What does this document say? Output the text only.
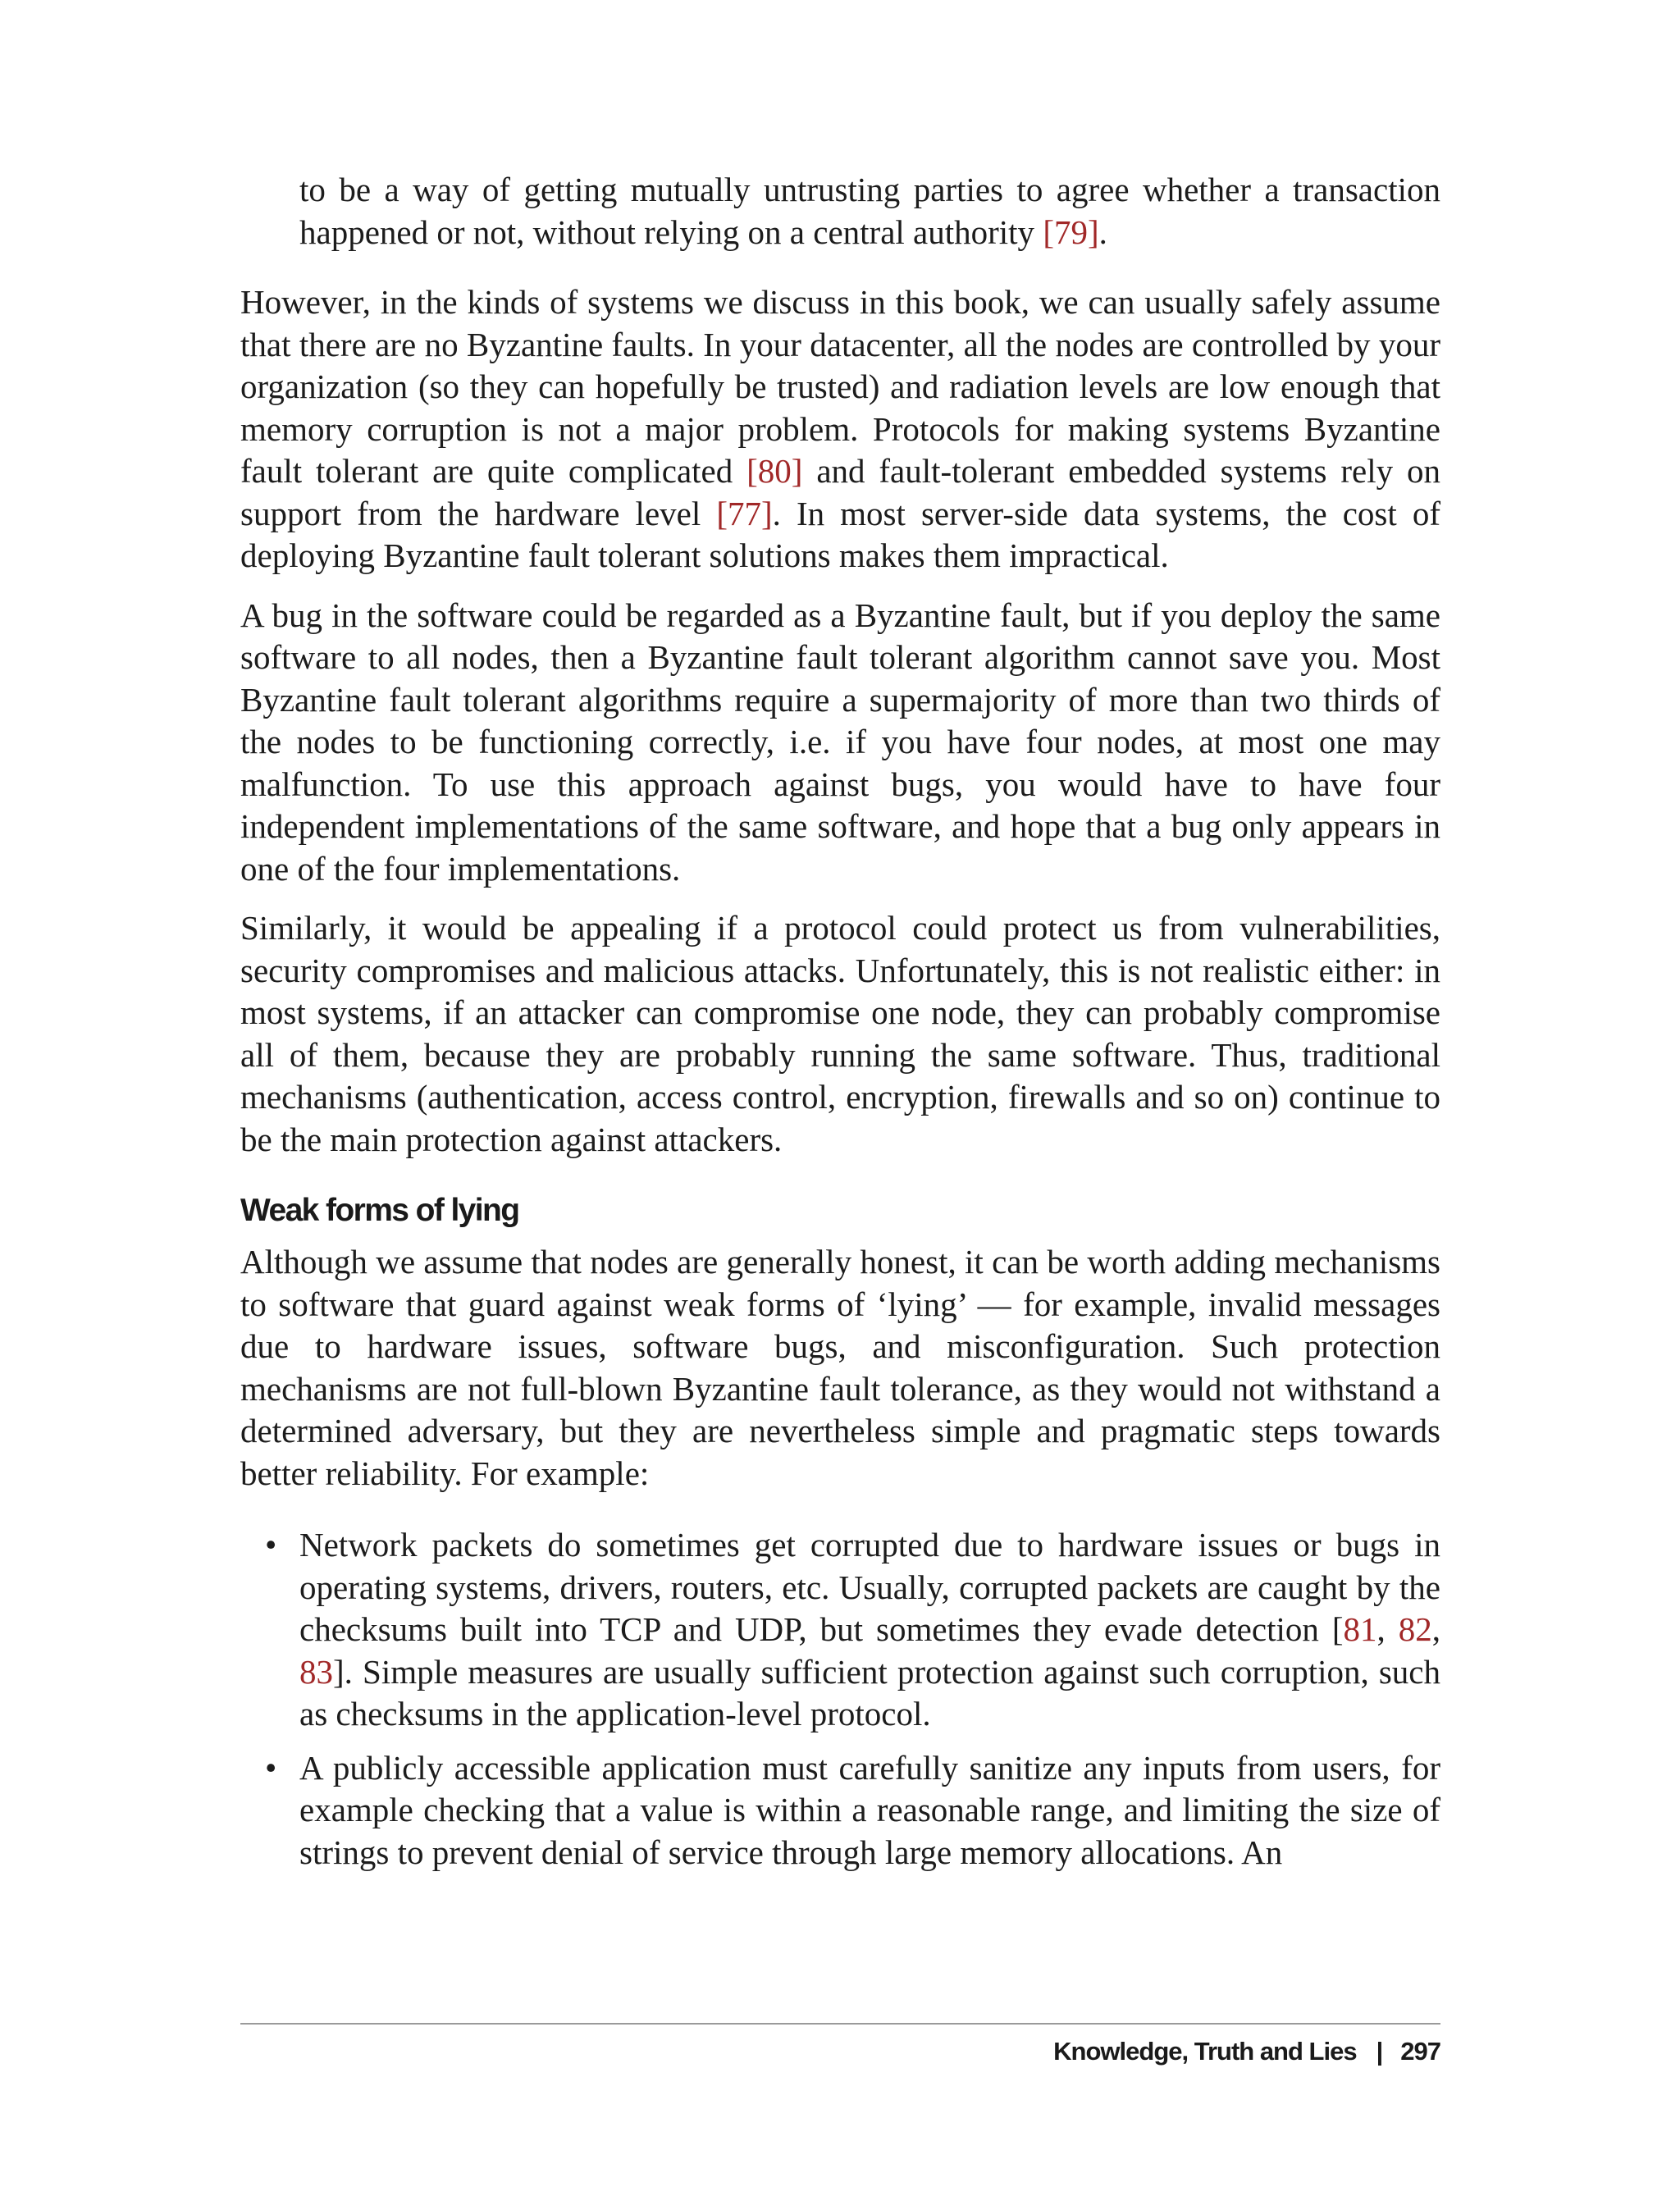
to be a way of getting mutually untrusting parties to agree whether a transaction happened or not, without relying on a central authority [79].

However, in the kinds of systems we discuss in this book, we can usually safely assume that there are no Byzantine faults. In your datacenter, all the nodes are controlled by your organization (so they can hopefully be trusted) and radiation levels are low enough that memory corruption is not a major problem. Protocols for making systems Byzantine fault tolerant are quite complicated [80] and fault-tolerant embedded systems rely on support from the hardware level [77]. In most server-side data systems, the cost of deploying Byzantine fault tolerant solutions makes them impractical.

A bug in the software could be regarded as a Byzantine fault, but if you deploy the same software to all nodes, then a Byzantine fault tolerant algorithm cannot save you. Most Byzantine fault tolerant algorithms require a supermajority of more than two thirds of the nodes to be functioning correctly, i.e. if you have four nodes, at most one may malfunction. To use this approach against bugs, you would have to have four independent implementations of the same software, and hope that a bug only appears in one of the four implementations.

Similarly, it would be appealing if a protocol could protect us from vulnerabilities, security compromises and malicious attacks. Unfortunately, this is not realistic either: in most systems, if an attacker can compromise one node, they can probably compromise all of them, because they are probably running the same software. Thus, traditional mechanisms (authentication, access control, encryption, firewalls and so on) continue to be the main protection against attackers.

Weak forms of lying

Although we assume that nodes are generally honest, it can be worth adding mechanisms to software that guard against weak forms of ‘lying’ — for example, invalid messages due to hardware issues, software bugs, and misconfiguration. Such protection mechanisms are not full-blown Byzantine fault tolerance, as they would not withstand a determined adversary, but they are nevertheless simple and pragmatic steps towards better reliability. For example:

• Network packets do sometimes get corrupted due to hardware issues or bugs in operating systems, drivers, routers, etc. Usually, corrupted packets are caught by the checksums built into TCP and UDP, but sometimes they evade detection [81, 82, 83]. Simple measures are usually sufficient protection against such corruption, such as checksums in the application-level protocol.

• A publicly accessible application must carefully sanitize any inputs from users, for example checking that a value is within a reasonable range, and limiting the size of strings to prevent denial of service through large memory allocations. An

Knowledge, Truth and Lies | 297
